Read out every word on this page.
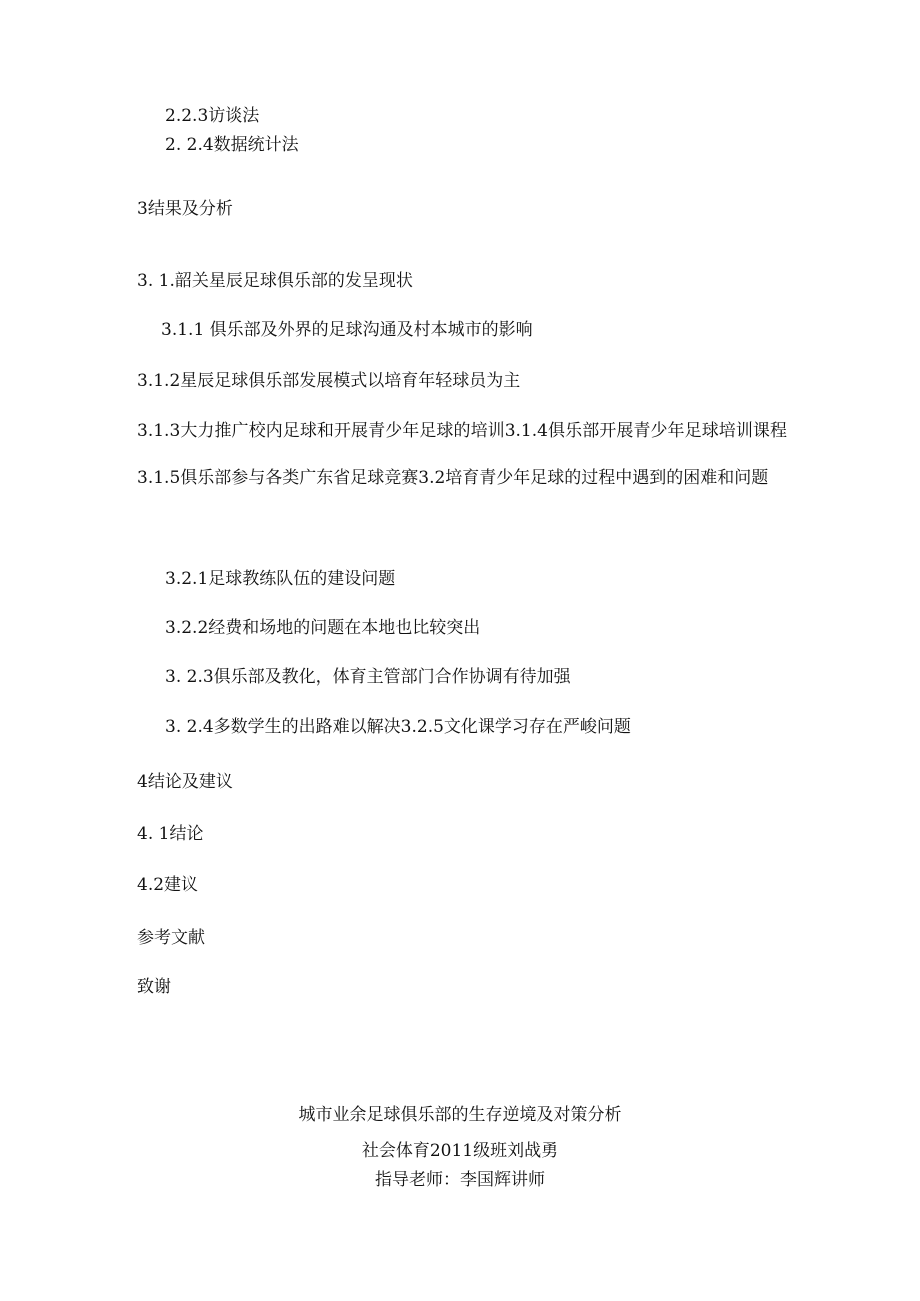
2.2.3访谈法
2. 2.4数据统计法
3结果及分析
3. 1.韶关星辰足球俱乐部的发呈现状
3.1.1 俱乐部及外界的足球沟通及村本城市的影响
3.1.2星辰足球俱乐部发展模式以培育年轻球员为主
3.1.3大力推广校内足球和开展青少年足球的培训3.1.4俱乐部开展青少年足球培训课程3.1.5俱乐部参与各类广东省足球竞赛3.2培育青少年足球的过程中遇到的困难和问题
3.2.1足球教练队伍的建设问题
3.2.2经费和场地的问题在本地也比较突出
3. 2.3俱乐部及教化，体育主管部门合作协调有待加强
3. 2.4多数学生的出路难以解决3.2.5文化课学习存在严峻问题
4结论及建议
4. 1结论
4.2建议
参考文献
致谢
城市业余足球俱乐部的生存逆境及对策分析
社会体育2011级班刘战勇
指导老师：李国辉讲师
